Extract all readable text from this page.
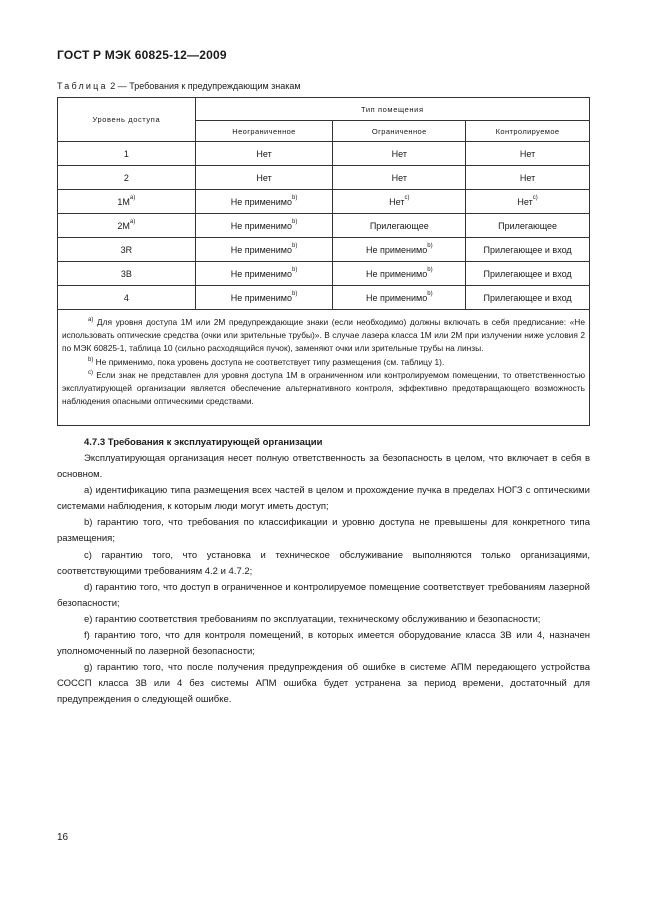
ГОСТ Р МЭК 60825-12—2009
Таблица 2 — Требования к предупреждающим знакам
Уровень доступа	Тип помещения		
	Неограниченное	Ограниченное	Контролируемое
1	Нет	Нет	Нет
2	Нет	Нет	Нет
$1M^{а)}$	Не применимо$^{b)}$	Нет$^{с)}$	Нет$^{с)}$
$2M^{а)}$	Не применимо$^{b)}$	Прилегающее	Прилегающее
3R	Не применимо$^{b)}$	Не применимо$^{b)}$	Прилегающее и вход
3B	Не применимо$^{b)}$	Не применимо$^{b)}$	Прилегающее и вход
4	Не применимо$^{b)}$	Не применимо$^{b)}$	Прилегающее и вход

$^{а)}$ Для уровня доступа 1M или 2M предупреждающие знаки (если необходимо) должны включать в себя предписание: «Не использовать оптические средства (очки или зрительные трубы)». В случае лазера класса 1M или 2M при излучении ниже условия 2 по МЭК 60825-1, таблица 10 (сильно расходящийся пучок), заменяют очки или зрительные трубы на линзы.

$^{b)}$ Не применимо, пока уровень доступа не соответствует типу размещения (см. таблицу 1).

$^{с)}$ Если знак не представлен для уровня доступа 1M в ограниченном или контролируемом помещении, то ответственностью эксплуатирующей организации является обеспечение альтернативного контроля, эффективно предотвращающего возможность наблюдения опасными оптическими средствами.			

4.7.3 Требования к эксплуатирующей организации

Эксплуатирующая организация несет полную ответственность за безопасность в целом, что включает в себя в основном.

a) идентификацию типа размещения всех частей в целом и прохождение пучка в пределах НОГЗ с оптическими системами наблюдения, к которым люди могут иметь доступ;

b) гарантию того, что требования по классификации и уровню доступа не превышены для конкретного типа размещения;

c) гарантию того, что установка и техническое обслуживание выполняются только организациями, соответствующими требованиям 4.2 и 4.7.2;

d) гарантию того, что доступ в ограниченное и контролируемое помещение соответствует требованиям лазерной безопасности;

e) гарантию соответствия требованиям по эксплуатации, техническому обслуживанию и безопасности;

f) гарантию того, что для контроля помещений, в которых имеется оборудование класса 3B или 4, назначен уполномоченный по лазерной безопасности;

g) гарантию того, что после получения предупреждения об ошибке в системе АПМ передающего устройства СОССП класса 3B или 4 без системы АПМ ошибка будет устранена за период времени, достаточный для предупреждения о следующей ошибке.

16
